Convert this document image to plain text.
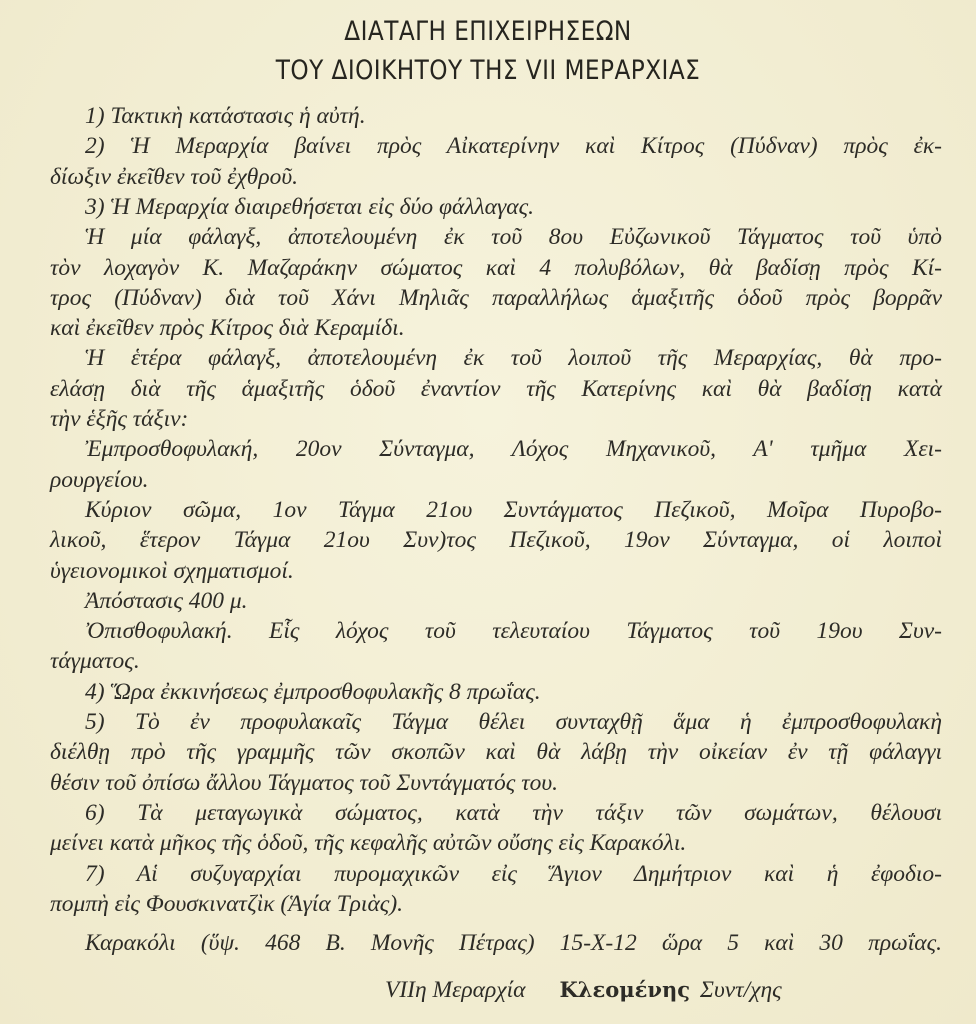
ΔΙΑΤΑΓΗ ΕΠΙΧΕΙΡΗΣΕΩΝ
ΤΟΥ ΔΙΟΙΚΗΤΟΥ ΤΗΣ VII ΜΕΡΑΡΧΙΑΣ
1) Τακτικὴ κατάστασις ἡ αὐτή.
2) Ἡ Μεραρχία βαίνει πρὸς Αἰκατερίνην καὶ Κίτρος (Πύδναν) πρὸς ἐκ-
δίωξιν ἐκεῖθεν τοῦ ἐχθροῦ.
3) Ἡ Μεραρχία διαιρεθήσεται εἰς δύο φάλλαγας.
Ἡ μία φάλαγξ, ἀποτελουμένη ἐκ τοῦ 8ου Εὐζωνικοῦ Τάγματος τοῦ ὑπὸ
τὸν λοχαγὸν Κ. Μαζαράκην σώματος καὶ 4 πολυβόλων, θὰ βαδίσῃ πρὸς Κί-
τρος (Πύδναν) διὰ τοῦ Χάνι Μηλιᾶς παραλλήλως ἁμαξιτῆς ὁδοῦ πρὸς βορρᾶν
καὶ ἐκεῖθεν πρὸς Κίτρος διὰ Κεραμίδι.
Ἡ ἑτέρα φάλαγξ, ἀποτελουμένη ἐκ τοῦ λοιποῦ τῆς Μεραρχίας, θὰ προ-
ελάσῃ διὰ τῆς ἁμαξιτῆς ὁδοῦ ἐναντίον τῆς Κατερίνης καὶ θὰ βαδίσῃ κατὰ
τὴν ἑξῆς τάξιν:
Ἐμπροσθοφυλακή, 20ον Σύνταγμα, Λόχος Μηχανικοῦ, Α' τμῆμα Χει-
ρουργείου.
Κύριον σῶμα, 1ον Τάγμα 21ου Συντάγματος Πεζικοῦ, Μοῖρα Πυροβο-
λικοῦ, ἕτερον Τάγμα 21ου Συν)τος Πεζικοῦ, 19ον Σύνταγμα, οἱ λοιποὶ
ὑγειονομικοὶ σχηματισμοί.
Ἀπόστασις 400 μ.
Ὀπισθοφυλακή. Εἷς λόχος τοῦ τελευταίου Τάγματος τοῦ 19ου Συν-
τάγματος.
4) Ὥρα ἐκκινήσεως ἐμπροσθοφυλακῆς 8 πρωΐας.
5) Τὸ ἐν προφυλακαῖς Τάγμα θέλει συνταχθῇ ἅμα ἡ ἐμπροσθοφυλακὴ
διέλθῃ πρὸ τῆς γραμμῆς τῶν σκοπῶν καὶ θὰ λάβῃ τὴν οἰκείαν ἐν τῇ φάλαγγι
θέσιν τοῦ ὀπίσω ἄλλου Τάγματος τοῦ Συντάγματός του.
6) Τὰ μεταγωγικὰ σώματος, κατὰ τὴν τάξιν τῶν σωμάτων, θέλουσι
μείνει κατὰ μῆκος τῆς ὁδοῦ, τῆς κεφαλῆς αὐτῶν οὔσης εἰς Καρακόλι.
7) Αἱ συζυγαρχίαι πυρομαχικῶν εἰς Ἅγιον Δημήτριον καὶ ἡ ἐφοδιο-
πομπὴ εἰς Φουσκινατζὶκ (Ἁγία Τριὰς).
Καρακόλι (ὕψ. 468 Β. Μονῆς Πέτρας) 15-Χ-12 ὥρα 5 καὶ 30 πρωΐας.
VIIη Μεραρχία Κλεομένης Συντ/χης
